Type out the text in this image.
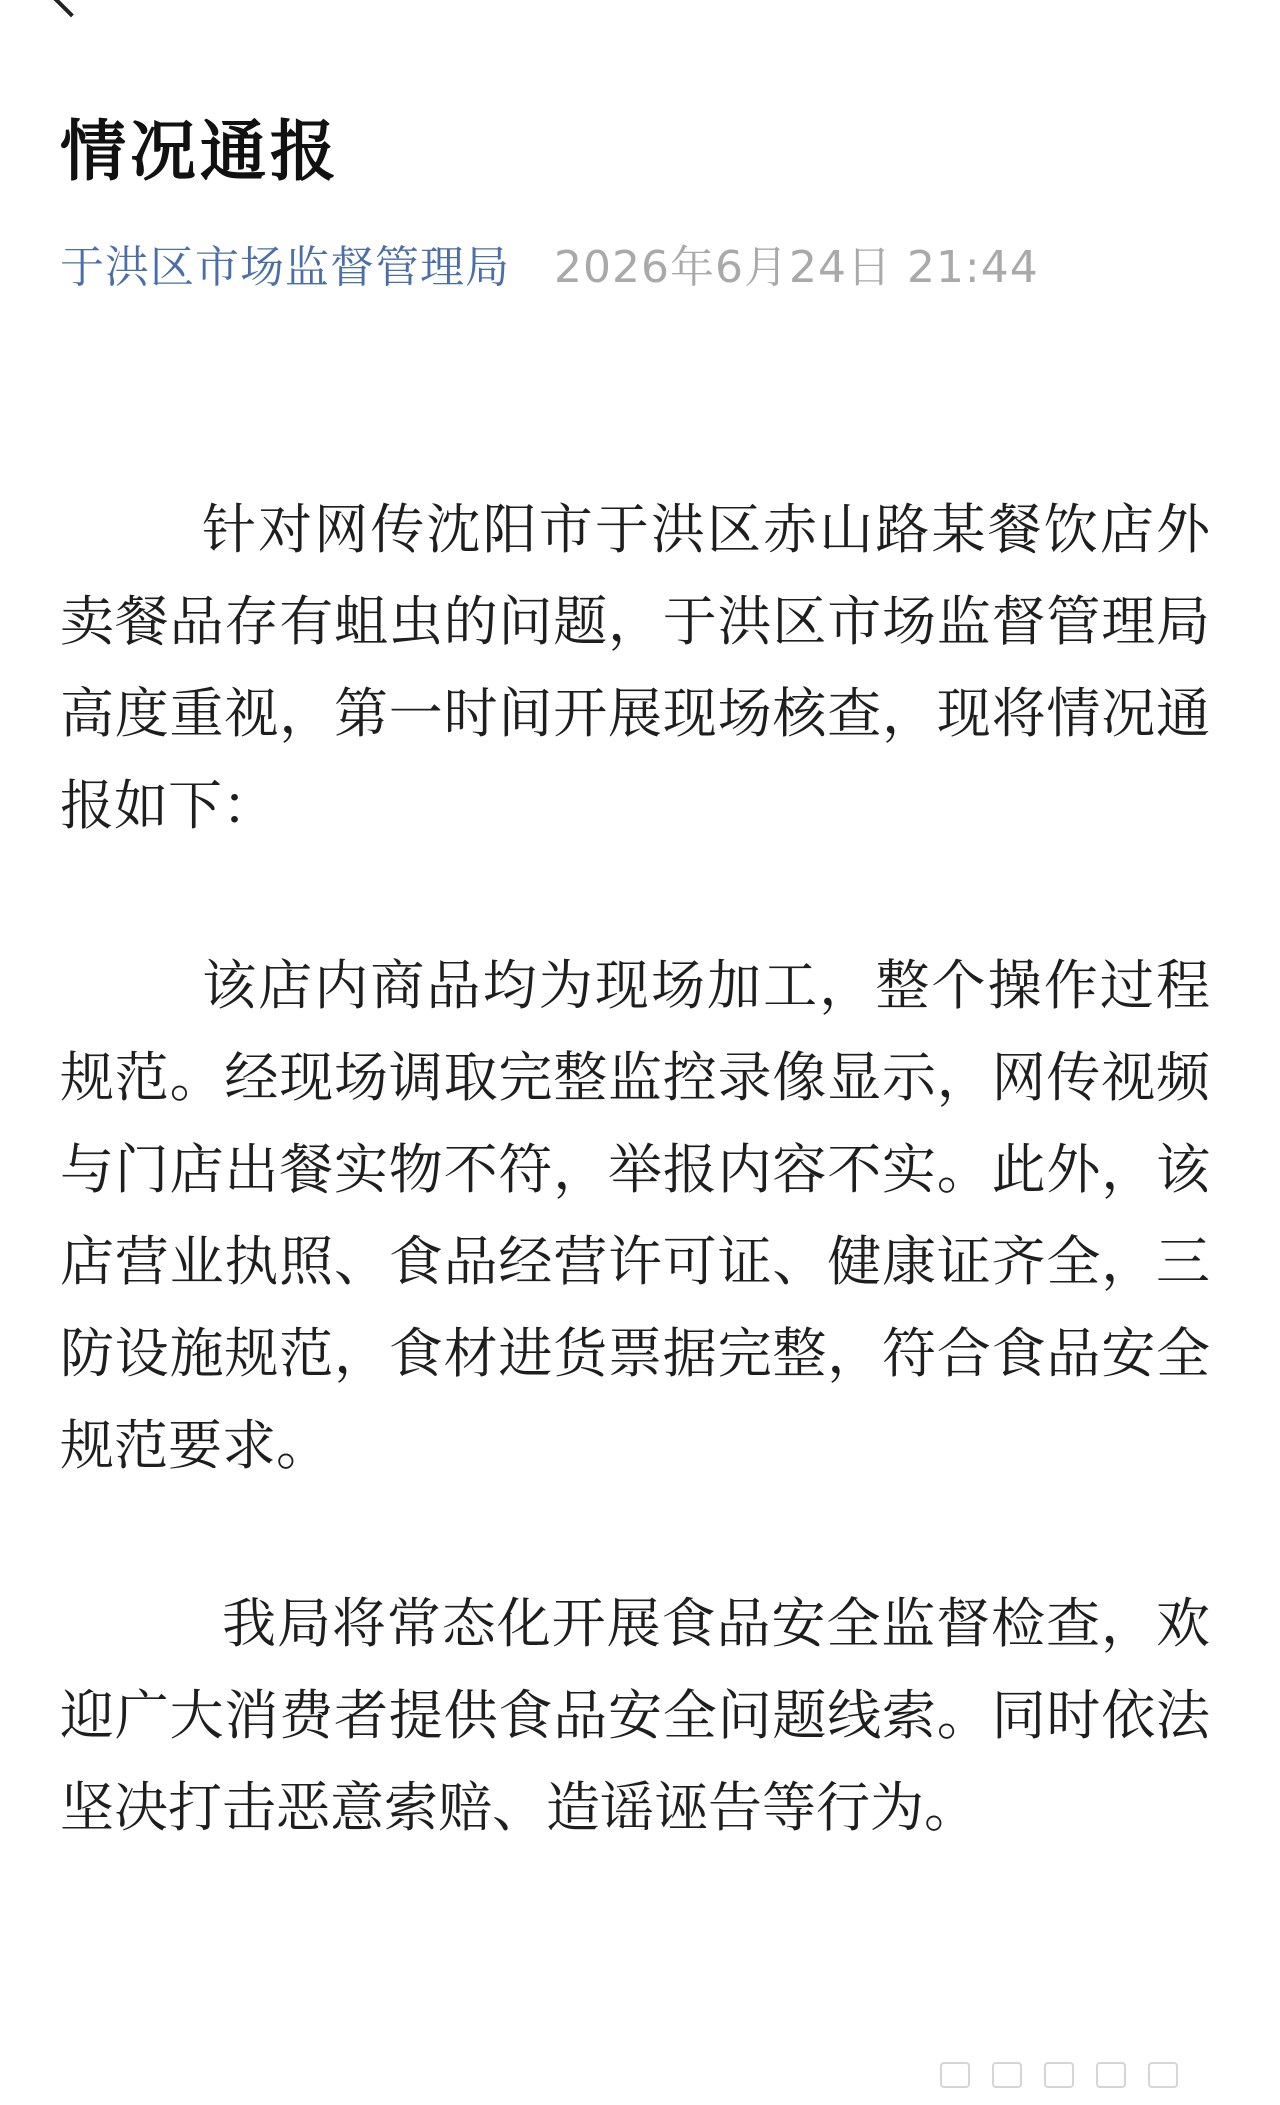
情况通报
于洪区市场监督管理局 2026年6月24日 21:44

针对网传沈阳市于洪区赤山路某餐饮店外卖餐品存有蛆虫的问题，于洪区市场监督管理局高度重视，第一时间开展现场核查，现将情况通报如下：

该店内商品均为现场加工，整个操作过程规范。经现场调取完整监控录像显示，网传视频与门店出餐实物不符，举报内容不实。此外，该店营业执照、食品经营许可证、健康证齐全，三防设施规范，食材进货票据完整，符合食品安全规范要求。

我局将常态化开展食品安全监督检查，欢迎广大消费者提供食品安全问题线索。同时依法坚决打击恶意索赔、造谣诬告等行为。
